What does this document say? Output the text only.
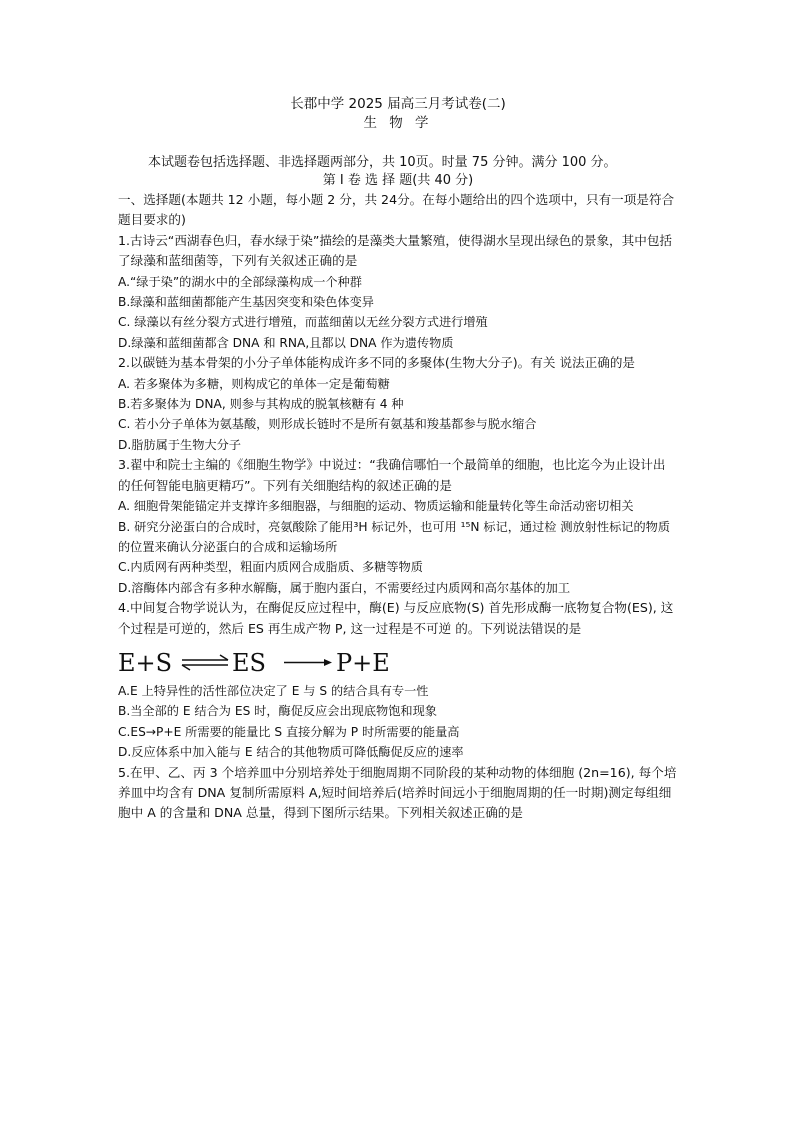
长郡中学 2025 届高三月考试卷(二)
生 物 学
本试题卷包括选择题、非选择题两部分，共 10页。时量 75 分钟。满分 100 分。
第 I 卷 选 择 题(共 40 分)

一、选择题(本题共 12 小题，每小题 2 分，共 24分。在每小题给出的四个选项中，只有一项是符合题目要求的)

1.古诗云“西湖春色归，春水绿于染”描绘的是藻类大量繁殖，使得湖水呈现出绿色的景象，其中包括了绿藻和蓝细菌等，下列有关叙述正确的是

A.“绿于染”的湖水中的全部绿藻构成一个种群

B.绿藻和蓝细菌都能产生基因突变和染色体变异

C. 绿藻以有丝分裂方式进行增殖，而蓝细菌以无丝分裂方式进行增殖

D.绿藻和蓝细菌都含 DNA 和 RNA,且都以 DNA 作为遗传物质

2.以碳链为基本骨架的小分子单体能构成许多不同的多聚体(生物大分子)。有关 说法正确的是

A. 若多聚体为多糖，则构成它的单体一定是葡萄糖

B.若多聚体为 DNA, 则参与其构成的脱氧核糖有 4 种

C. 若小分子单体为氨基酸，则形成长链时不是所有氨基和羧基都参与脱水缩合

D.脂肪属于生物大分子

3.翟中和院士主编的《细胞生物学》中说过：“我确信哪怕一个最简单的细胞，也比迄今为止设计出的任何智能电脑更精巧”。下列有关细胞结构的叙述正确的是

A. 细胞骨架能锚定并支撑许多细胞器，与细胞的运动、物质运输和能量转化等生命活动密切相关

B. 研究分泌蛋白的合成时，亮氨酸除了能用³H 标记外，也可用 ¹⁵N 标记，通过检 测放射性标记的物质的位置来确认分泌蛋白的合成和运输场所

C.内质网有两种类型，粗面内质网合成脂质、多糖等物质

D.溶酶体内部含有多种水解酶，属于胞内蛋白，不需要经过内质网和高尔基体的加工

4.中间复合物学说认为，在酶促反应过程中，酶(E) 与反应底物(S) 首先形成酶一底物复合物(ES), 这个过程是可逆的，然后 ES 再生成产物 P, 这一过程是不可逆 的。下列说法错误的是

E+S ES	P+E

A.E 上特异性的活性部位决定了 E 与 S 的结合具有专一性

B.当全部的 E 结合为 ES 时，酶促反应会出现底物饱和现象

C.ES→P+E 所需要的能量比 S 直接分解为 P 时所需要的能量高

D.反应体系中加入能与 E 结合的其他物质可降低酶促反应的速率

5.在甲、乙、丙 3 个培养皿中分别培养处于细胞周期不同阶段的某种动物的体细胞 (2n=16), 每个培养皿中均含有 DNA 复制所需原料 A,短时间培养后(培养时间远小于细胞周期的任一时期)测定每组细胞中 A 的含量和 DNA 总量，得到下图所示结果。下列相关叙述正确的是
